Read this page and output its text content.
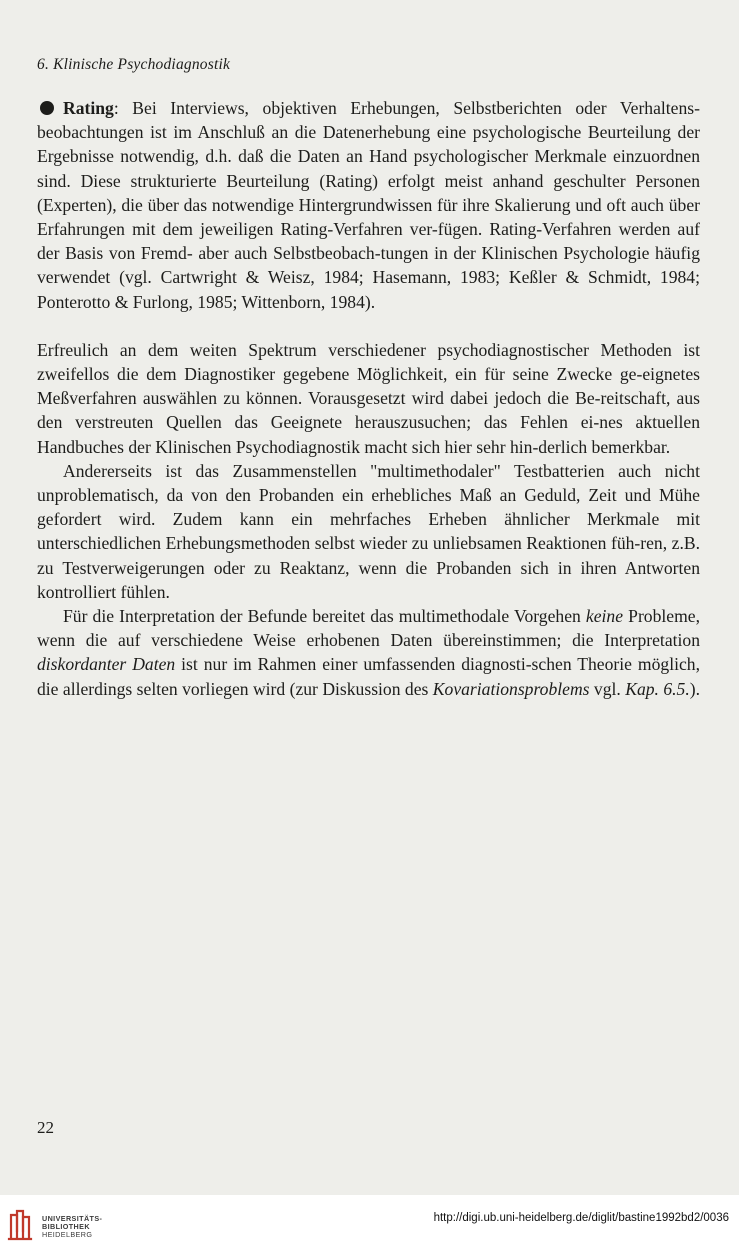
6. Klinische Psychodiagnostik

Rating: Bei Interviews, objektiven Erhebungen, Selbstberichten oder Verhaltens-beobachtungen ist im Anschluß an die Datenerhebung eine psychologische Beurteilung der Ergebnisse notwendig, d.h. daß die Daten an Hand psychologischer Merkmale einzuordnen sind. Diese strukturierte Beurteilung (Rating) erfolgt meist anhand geschulter Personen (Experten), die über das notwendige Hintergrundwissen für ihre Skalierung und oft auch über Erfahrungen mit dem jeweiligen Rating-Verfahren ver-fügen. Rating-Verfahren werden auf der Basis von Fremd- aber auch Selbstbeobach-tungen in der Klinischen Psychologie häufig verwendet (vgl. Cartwright & Weisz, 1984; Hasemann, 1983; Keßler & Schmidt, 1984; Ponterotto & Furlong, 1985; Wittenborn, 1984).

Erfreulich an dem weiten Spektrum verschiedener psychodiagnostischer Methoden ist zweifellos die dem Diagnostiker gegebene Möglichkeit, ein für seine Zwecke ge-eignetes Meßverfahren auswählen zu können. Vorausgesetzt wird dabei jedoch die Be-reitschaft, aus den verstreuten Quellen das Geeignete herauszusuchen; das Fehlen ei-nes aktuellen Handbuches der Klinischen Psychodiagnostik macht sich hier sehr hin-derlich bemerkbar.

Andererseits ist das Zusammenstellen "multimethodaler" Testbatterien auch nicht unproblematisch, da von den Probanden ein erhebliches Maß an Geduld, Zeit und Mühe gefordert wird. Zudem kann ein mehrfaches Erheben ähnlicher Merkmale mit unterschiedlichen Erhebungsmethoden selbst wieder zu unliebsamen Reaktionen füh-ren, z.B. zu Testverweigerungen oder zu Reaktanz, wenn die Probanden sich in ihren Antworten kontrolliert fühlen.

Für die Interpretation der Befunde bereitet das multimethodale Vorgehen keine Probleme, wenn die auf verschiedene Weise erhobenen Daten übereinstimmen; die Interpretation diskordanter Daten ist nur im Rahmen einer umfassenden diagnosti-schen Theorie möglich, die allerdings selten vorliegen wird (zur Diskussion des Kovariationsproblems vgl. Kap. 6.5.).

22
UNIVERSITÄTS-
BIBLIOTHEK
HEIDELBERG
http://digi.ub.uni-heidelberg.de/diglit/bastine1992bd2/0036
